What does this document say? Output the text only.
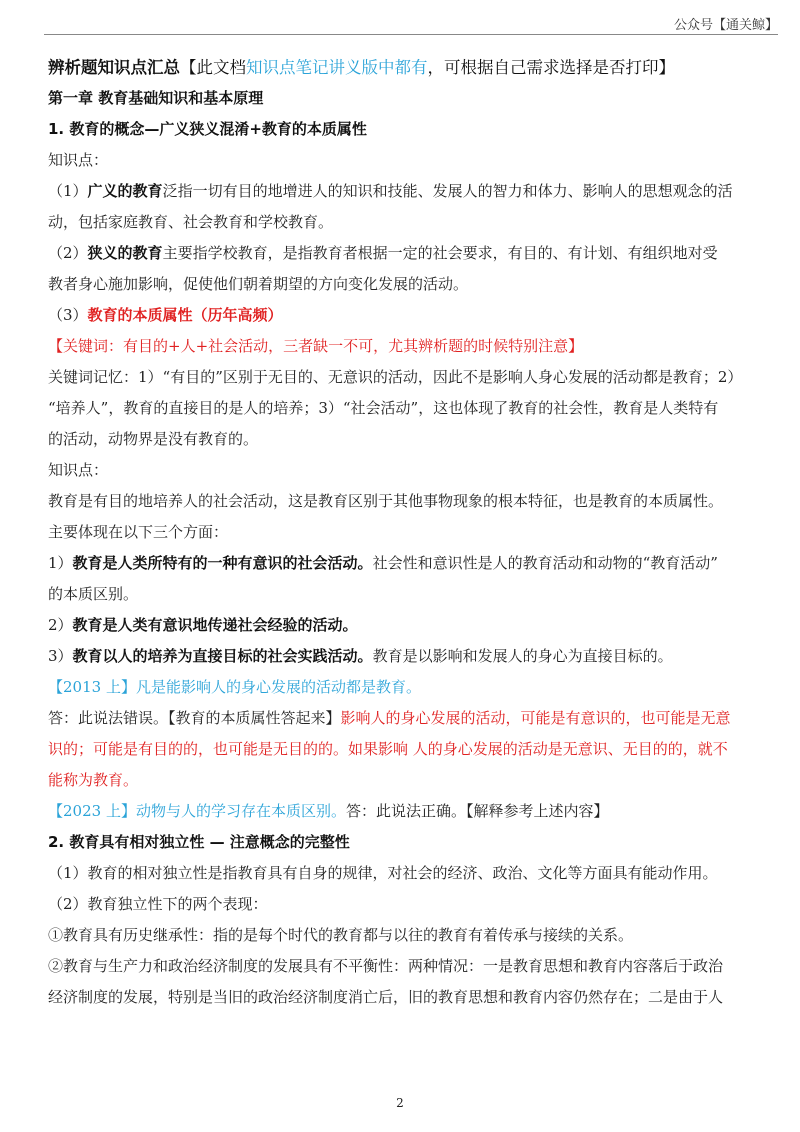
公众号【通关鲸】

辨析题知识点汇总【此文档知识点笔记讲义版中都有，可根据自己需求选择是否打印】

第一章 教育基础知识和基本原理

1. 教育的概念—广义狭义混淆+教育的本质属性

知识点：

（1）广义的教育泛指一切有目的地增进人的知识和技能、发展人的智力和体力、影响人的思想观念的活

动，包括家庭教育、社会教育和学校教育。

（2）狭义的教育主要指学校教育，是指教育者根据一定的社会要求，有目的、有计划、有组织地对受

教者身心施加影响，促使他们朝着期望的方向变化发展的活动。

（3）教育的本质属性（历年高频）

【关键词：有目的+人+社会活动，三者缺一不可，尤其辨析题的时候特别注意】

关键词记忆：1）“有目的”区别于无目的、无意识的活动，因此不是影响人身心发展的活动都是教育；2）

“培养人”，教育的直接目的是人的培养；3）“社会活动”，这也体现了教育的社会性，教育是人类特有

的活动，动物界是没有教育的。

知识点：

教育是有目的地培养人的社会活动，这是教育区别于其他事物现象的根本特征，也是教育的本质属性。

主要体现在以下三个方面：

1）教育是人类所特有的一种有意识的社会活动。社会性和意识性是人的教育活动和动物的“教育活动”

的本质区别。

2）教育是人类有意识地传递社会经验的活动。

3）教育以人的培养为直接目标的社会实践活动。教育是以影响和发展人的身心为直接目标的。

【2013 上】凡是能影响人的身心发展的活动都是教育。

答：此说法错误。【教育的本质属性答起来】影响人的身心发展的活动，可能是有意识的，也可能是无意

识的；可能是有目的的，也可能是无目的的。如果影响 人的身心发展的活动是无意识、无目的的，就不

能称为教育。

【2023 上】动物与人的学习存在本质区别。答：此说法正确。【解释参考上述内容】

2. 教育具有相对独立性 — 注意概念的完整性

（1）教育的相对独立性是指教育具有自身的规律，对社会的经济、政治、文化等方面具有能动作用。

（2）教育独立性下的两个表现：

①教育具有历史继承性：指的是每个时代的教育都与以往的教育有着传承与接续的关系。

②教育与生产力和政治经济制度的发展具有不平衡性：两种情况：一是教育思想和教育内容落后于政治

经济制度的发展，特别是当旧的政治经济制度消亡后，旧的教育思想和教育内容仍然存在；二是由于人

2
